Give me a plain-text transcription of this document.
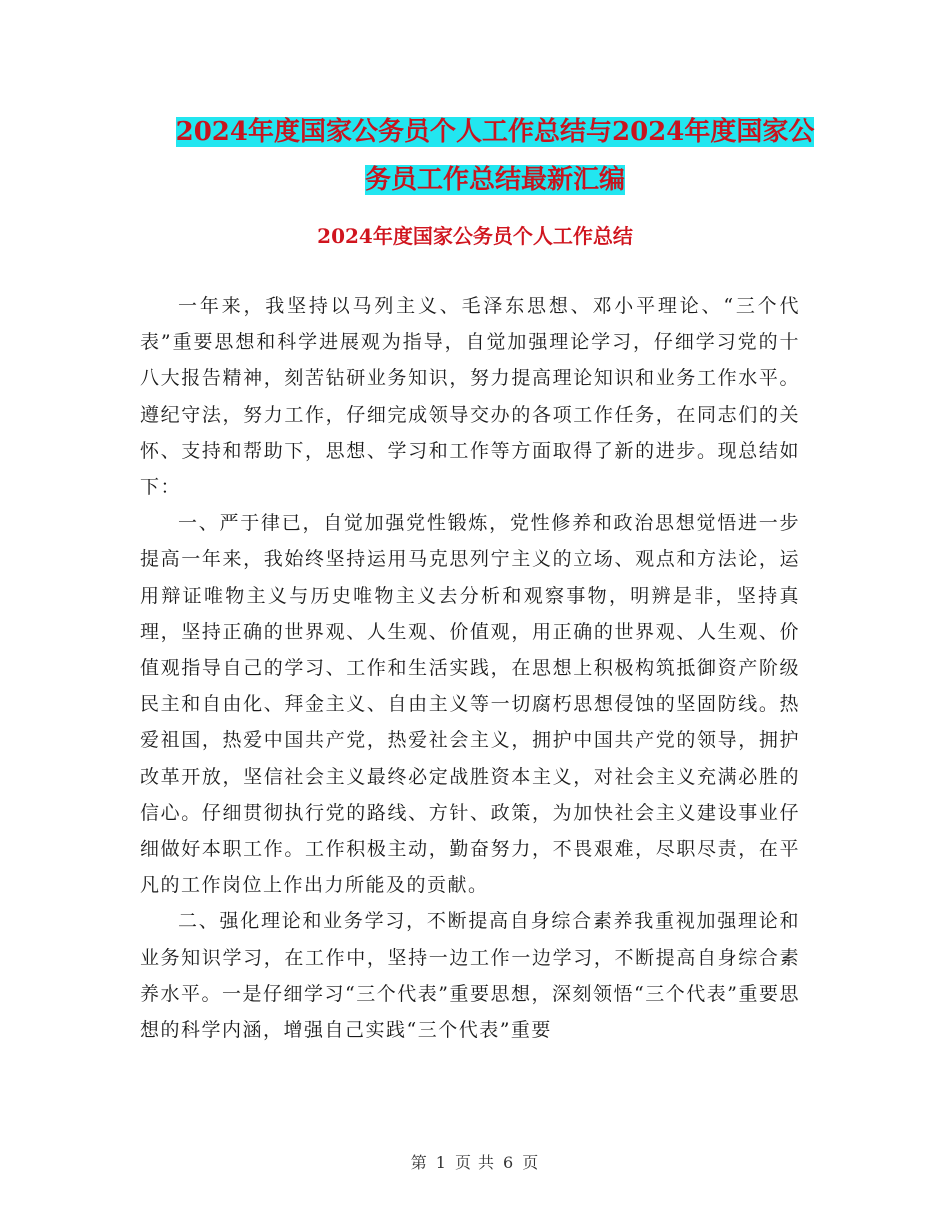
2024年度国家公务员个人工作总结与2024年度国家公
务员工作总结最新汇编
2024年度国家公务员个人工作总结

一年来，我坚持以马列主义、毛泽东思想、邓小平理论、“三个代表”重要思想和科学进展观为指导，自觉加强理论学习，仔细学习党的十八大报告精神，刻苦钻研业务知识，努力提高理论知识和业务工作水平。遵纪守法，努力工作，仔细完成领导交办的各项工作任务，在同志们的关怀、支持和帮助下，思想、学习和工作等方面取得了新的进步。现总结如下：

一、严于律已，自觉加强党性锻炼，党性修养和政治思想觉悟进一步提高一年来，我始终坚持运用马克思列宁主义的立场、观点和方法论，运用辩证唯物主义与历史唯物主义去分析和观察事物，明辨是非，坚持真理，坚持正确的世界观、人生观、价值观，用正确的世界观、人生观、价值观指导自己的学习、工作和生活实践，在思想上积极构筑抵御资产阶级民主和自由化、拜金主义、自由主义等一切腐朽思想侵蚀的坚固防线。热爱祖国，热爱中国共产党，热爱社会主义，拥护中国共产党的领导，拥护改革开放，坚信社会主义最终必定战胜资本主义，对社会主义充满必胜的信心。仔细贯彻执行党的路线、方针、政策，为加快社会主义建设事业仔细做好本职工作。工作积极主动，勤奋努力，不畏艰难，尽职尽责，在平凡的工作岗位上作出力所能及的贡献。

二、强化理论和业务学习，不断提高自身综合素养我重视加强理论和业务知识学习，在工作中，坚持一边工作一边学习，不断提高自身综合素养水平。一是仔细学习“三个代表”重要思想，深刻领悟“三个代表”重要思想的科学内涵，增强自己实践“三个代表”重要

第 1 页 共 6 页
